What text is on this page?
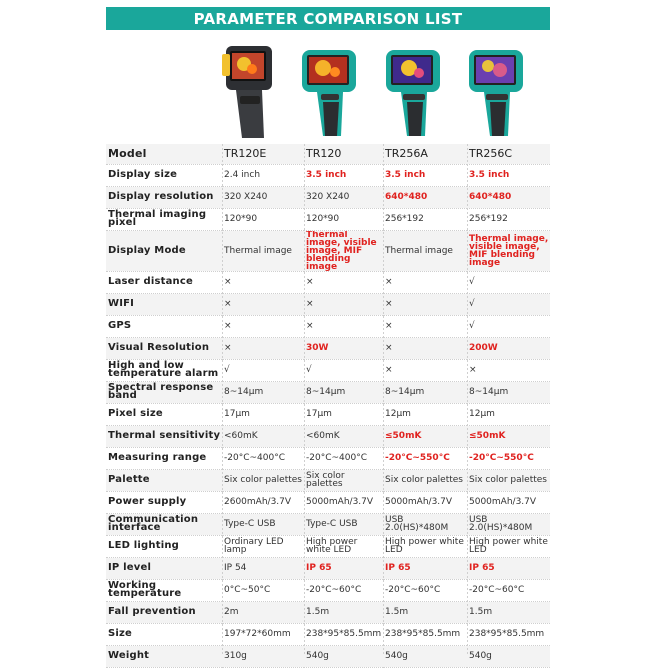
PARAMETER COMPARISON LIST
Model	TR120E	TR120	TR256A	TR256C
Display size	2.4 inch	3.5 inch	3.5 inch	3.5 inch
Display resolution	320 X240	320 X240	640*480	640*480
Thermal imaging pixel	120*90	120*90	256*192	256*192
Display Mode	Thermal image	Thermal image, visible image, MIF blending image	Thermal image	Thermal image, visible image, MIF blending image
Laser distance	×	×	×	√
WIFI	×	×	×	√
GPS	×	×	×	√
Visual Resolution	×	30W	×	200W
High and low temperature alarm	√	√	×	×
Spectral response band	8~14μm	8~14μm	8~14μm	8~14μm
Pixel size	17μm	17μm	12μm	12μm
Thermal sensitivity	<60mK	<60mK	≤50mK	≤50mK
Measuring range	-20°C~400°C	-20°C~400°C	-20°C~550°C	-20°C~550°C
Palette	Six color palettes	Six color palettes	Six color palettes	Six color palettes
Power supply	2600mAh/3.7V	5000mAh/3.7V	5000mAh/3.7V	5000mAh/3.7V
Communication interface	Type-C USB	Type-C USB	USB 2.0(HS)*480M	USB 2.0(HS)*480M
LED lighting	Ordinary LED lamp	High power white LED	High power white LED	High power white LED
IP level	IP 54	IP 65	IP 65	IP 65
Working temperature	0°C~50°C	-20°C~60°C	-20°C~60°C	-20°C~60°C
Fall prevention	2m	1.5m	1.5m	1.5m
Size	197*72*60mm	238*95*85.5mm	238*95*85.5mm	238*95*85.5mm
Weight	310g	540g	540g	540g
